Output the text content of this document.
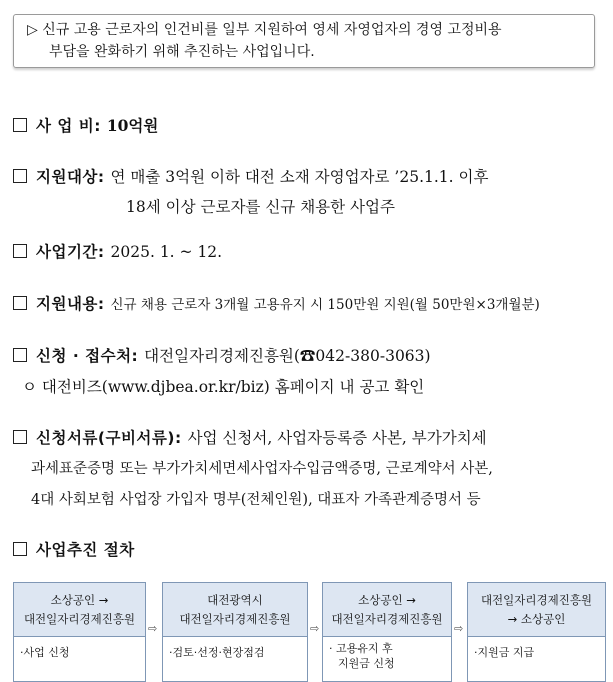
▷ 신규 고용 근로자의 인건비를 일부 지원하여 영세 자영업자의 경영 고정비용
부담을 완화하기 위해 추진하는 사업입니다.
사 업 비: 10억원
지원대상: 연 매출 3억원 이하 대전 소재 자영업자로 ’25.1.1. 이후
18세 이상 근로자를 신규 채용한 사업주
사업기간: 2025. 1. ~ 12.
지원내용: 신규 채용 근로자 3개월 고용유지 시 150만원 지원(월 50만원×3개월분)
신청 · 접수처: 대전일자리경제진흥원(☎042-380-3063)
ㅇ 대전비즈(www.djbea.or.kr/biz) 홈페이지 내 공고 확인
신청서류(구비서류): 사업 신청서, 사업자등록증 사본, 부가가치세
과세표준증명 또는 부가가치세면세사업자수입금액증명, 근로계약서 사본,
4대 사회보험 사업장 가입자 명부(전체인원), 대표자 가족관계증명서 등
사업추진 절차
소상공인 →
대전일자리경제진흥원
·사업 신청
⇨
대전광역시
대전일자리경제진흥원
·검토·선정·현장점검
⇨
소상공인 →
대전일자리경제진흥원
· 고용유지 후
지원금 신청
⇨
대전일자리경제진흥원
→ 소상공인
·지원금 지급
